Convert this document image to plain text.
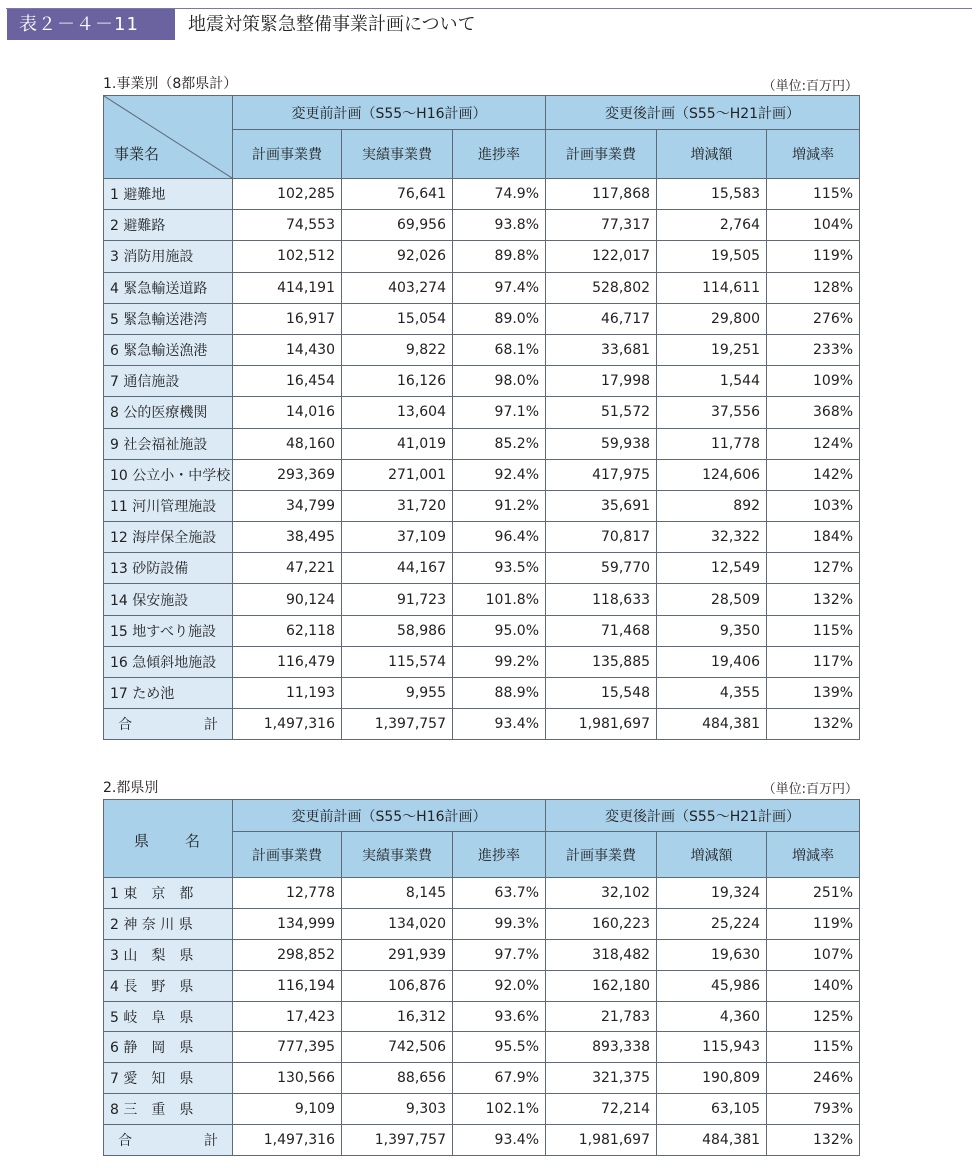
表２－４－11	地震対策緊急整備事業計画について
1.事業別（8都県計）	（単位:百万円）
事業名	変更前計画（S55～H16計画）			変更後計画（S55～H21計画）		
	計画事業費	実績事業費	進捗率	計画事業費	増減額	増減率
1 避難地	102,285	76,641	74.9%	117,868	15,583	115%
2 避難路	74,553	69,956	93.8%	77,317	2,764	104%
3 消防用施設	102,512	92,026	89.8%	122,017	19,505	119%
4 緊急輸送道路	414,191	403,274	97.4%	528,802	114,611	128%
5 緊急輸送港湾	16,917	15,054	89.0%	46,717	29,800	276%
6 緊急輸送漁港	14,430	9,822	68.1%	33,681	19,251	233%
7 通信施設	16,454	16,126	98.0%	17,998	1,544	109%
8 公的医療機関	14,016	13,604	97.1%	51,572	37,556	368%
9 社会福祉施設	48,160	41,019	85.2%	59,938	11,778	124%
10 公立小・中学校	293,369	271,001	92.4%	417,975	124,606	142%
11 河川管理施設	34,799	31,720	91.2%	35,691	892	103%
12 海岸保全施設	38,495	37,109	96.4%	70,817	32,322	184%
13 砂防設備	47,221	44,167	93.5%	59,770	12,549	127%
14 保安施設	90,124	91,723	101.8%	118,633	28,509	132%
15 地すべり施設	62,118	58,986	95.0%	71,468	9,350	115%
16 急傾斜地施設	116,479	115,574	99.2%	135,885	19,406	117%
17 ため池	11,193	9,955	88.9%	15,548	4,355	139%

合 計	1,497,316	1,397,757	93.4%	1,981,697	484,381	132%
2.都県別	（単位:百万円）
県　　名	変更前計画（S55～H16計画）			変更後計画（S55～H21計画）		
	計画事業費	実績事業費	進捗率	計画事業費	増減額	増減率
1 東　京　都	12,778	8,145	63.7%	32,102	19,324	251%
2 神 奈 川 県	134,999	134,020	99.3%	160,223	25,224	119%
3 山　梨　県	298,852	291,939	97.7%	318,482	19,630	107%
4 長　野　県	116,194	106,876	92.0%	162,180	45,986	140%
5 岐　阜　県	17,423	16,312	93.6%	21,783	4,360	125%
6 静　岡　県	777,395	742,506	95.5%	893,338	115,943	115%
7 愛　知　県	130,566	88,656	67.9%	321,375	190,809	246%
8 三　重　県	9,109	9,303	102.1%	72,214	63,105	793%

合 計	1,497,316	1,397,757	93.4%	1,981,697	484,381	132%
